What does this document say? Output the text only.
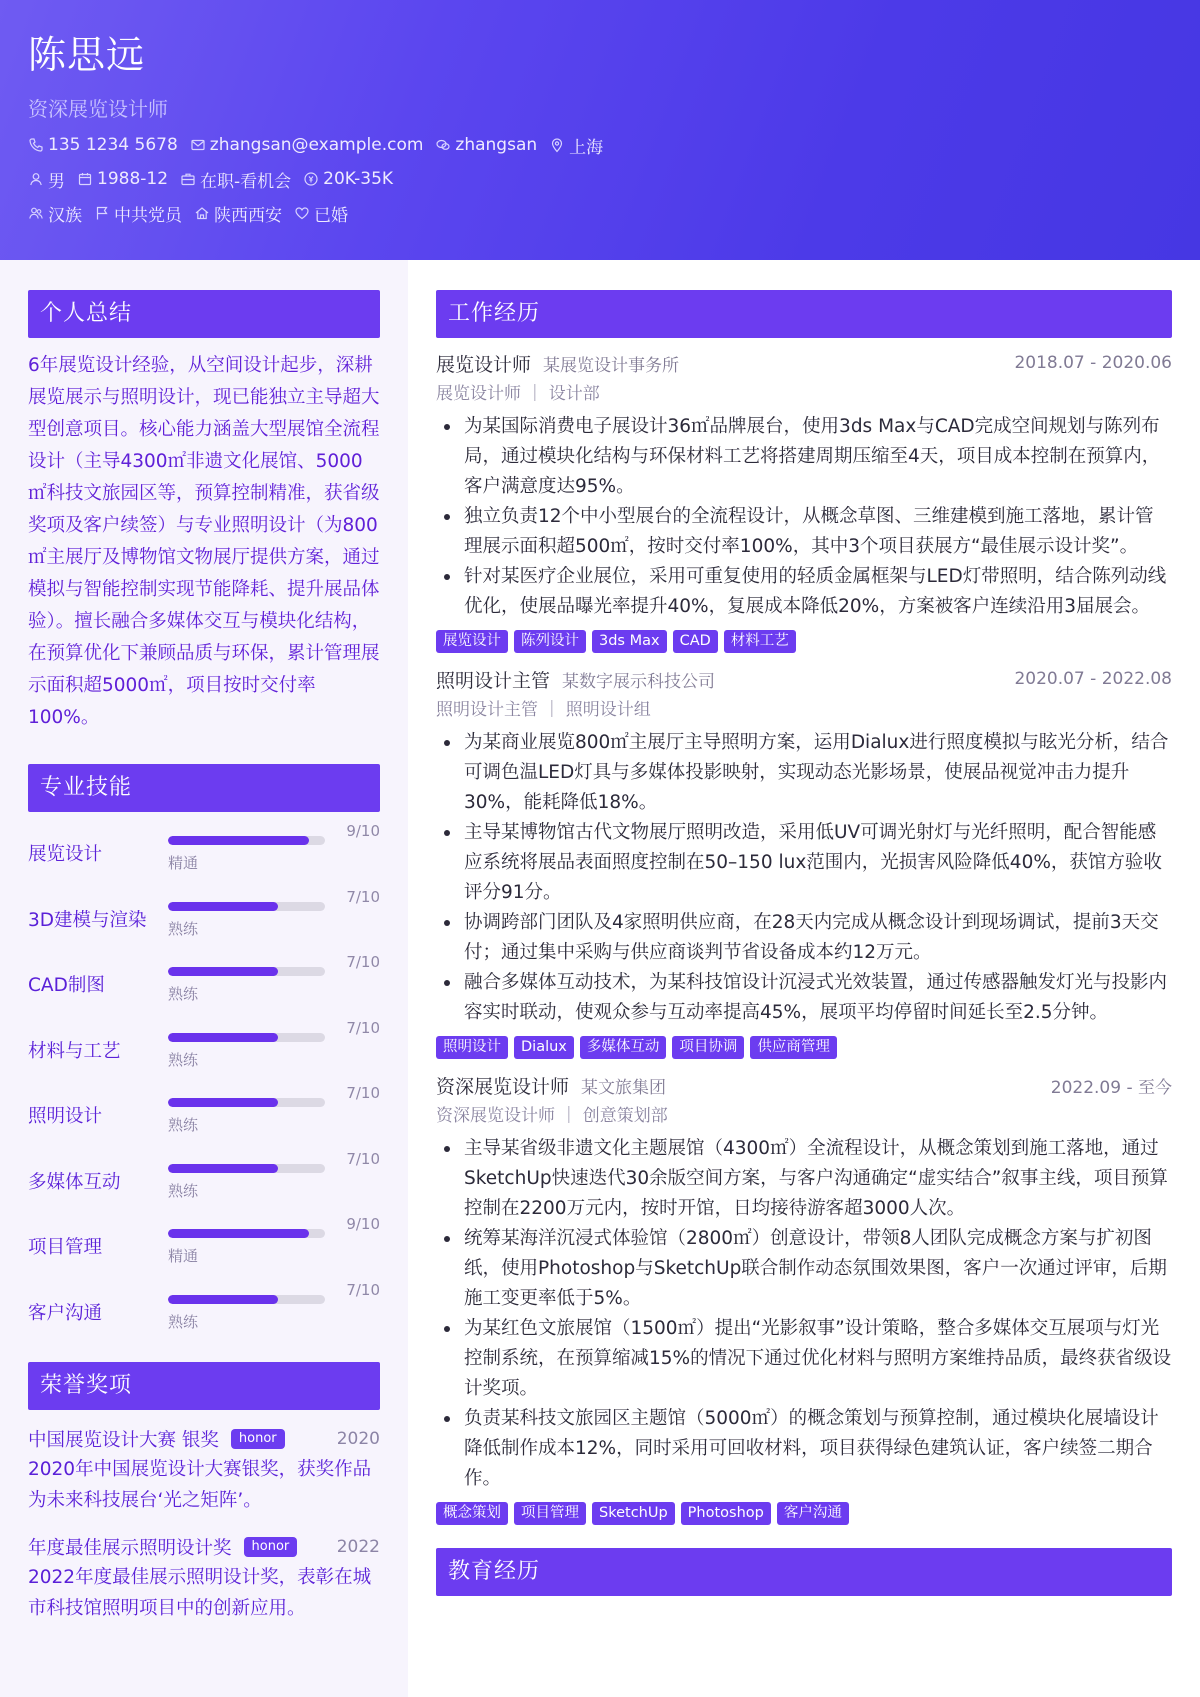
陈思远
资深展览设计师
135 1234 5678 zhangsan@example.com zhangsan 上海
男 1988-12 在职-看机会 20K-35K
汉族 中共党员 陕西西安 已婚
个人总结
6年展览设计经验，从空间设计起步，深耕展览展示与照明设计，现已能独立主导超大型创意项目。核心能力涵盖大型展馆全流程设计（主导4300㎡非遗文化展馆、5000㎡科技文旅园区等，预算控制精准，获省级奖项及客户续签）与专业照明设计（为800㎡主展厅及博物馆文物展厅提供方案，通过模拟与智能控制实现节能降耗、提升展品体验）。擅长融合多媒体交互与模块化结构，在预算优化下兼顾品质与环保，累计管理展示面积超5000㎡，项目按时交付率100%。
专业技能
展览设计
9/10
精通
3D建模与渲染
7/10
熟练
CAD制图
7/10
熟练
材料与工艺
7/10
熟练
照明设计
7/10
熟练
多媒体互动
7/10
熟练
项目管理
9/10
精通
客户沟通
7/10
熟练
荣誉奖项
中国展览设计大赛 银奖	honor	2020
2020年中国展览设计大赛银奖，获奖作品为未来科技展台‘光之矩阵’。
年度最佳展示照明设计奖	honor	2022
2022年度最佳展示照明设计奖，表彰在城市科技馆照明项目中的创新应用。
工作经历
展览设计师 某展览设计事务所	2018.07 - 2020.06
展览设计师 ｜ 设计部
为某国际消费电子展设计36㎡品牌展台，使用3ds Max与CAD完成空间规划与陈列布局，通过模块化结构与环保材料工艺将搭建周期压缩至4天，项目成本控制在预算内，客户满意度达95%。
独立负责12个中小型展台的全流程设计，从概念草图、三维建模到施工落地，累计管理展示面积超500㎡，按时交付率100%，其中3个项目获展方“最佳展示设计奖”。
针对某医疗企业展位，采用可重复使用的轻质金属框架与LED灯带照明，结合陈列动线优化，使展品曝光率提升40%，复展成本降低20%，方案被客户连续沿用3届展会。
展览设计	陈列设计	3ds Max	CAD	材料工艺
照明设计主管 某数字展示科技公司	2020.07 - 2022.08
照明设计主管 ｜ 照明设计组
为某商业展览800㎡主展厅主导照明方案，运用Dialux进行照度模拟与眩光分析，结合可调色温LED灯具与多媒体投影映射，实现动态光影场景，使展品视觉冲击力提升30%，能耗降低18%。
主导某博物馆古代文物展厅照明改造，采用低UV可调光射灯与光纤照明，配合智能感应系统将展品表面照度控制在50–150 lux范围内，光损害风险降低40%，获馆方验收评分91分。
协调跨部门团队及4家照明供应商，在28天内完成从概念设计到现场调试，提前3天交付；通过集中采购与供应商谈判节省设备成本约12万元。
融合多媒体互动技术，为某科技馆设计沉浸式光效装置，通过传感器触发灯光与投影内容实时联动，使观众参与互动率提高45%，展项平均停留时间延长至2.5分钟。
照明设计	Dialux	多媒体互动	项目协调	供应商管理
资深展览设计师 某文旅集团	2022.09 - 至今
资深展览设计师 ｜ 创意策划部
主导某省级非遗文化主题展馆（4300㎡）全流程设计，从概念策划到施工落地，通过SketchUp快速迭代30余版空间方案，与客户沟通确定“虚实结合”叙事主线，项目预算控制在2200万元内，按时开馆，日均接待游客超3000人次。
统筹某海洋沉浸式体验馆（2800㎡）创意设计，带领8人团队完成概念方案与扩初图纸，使用Photoshop与SketchUp联合制作动态氛围效果图，客户一次通过评审，后期施工变更率低于5%。
为某红色文旅展馆（1500㎡）提出“光影叙事”设计策略，整合多媒体交互展项与灯光控制系统，在预算缩减15%的情况下通过优化材料与照明方案维持品质，最终获省级设计奖项。
负责某科技文旅园区主题馆（5000㎡）的概念策划与预算控制，通过模块化展墙设计降低制作成本12%，同时采用可回收材料，项目获得绿色建筑认证，客户续签二期合作。
概念策划	项目管理	SketchUp	Photoshop	客户沟通
教育经历
